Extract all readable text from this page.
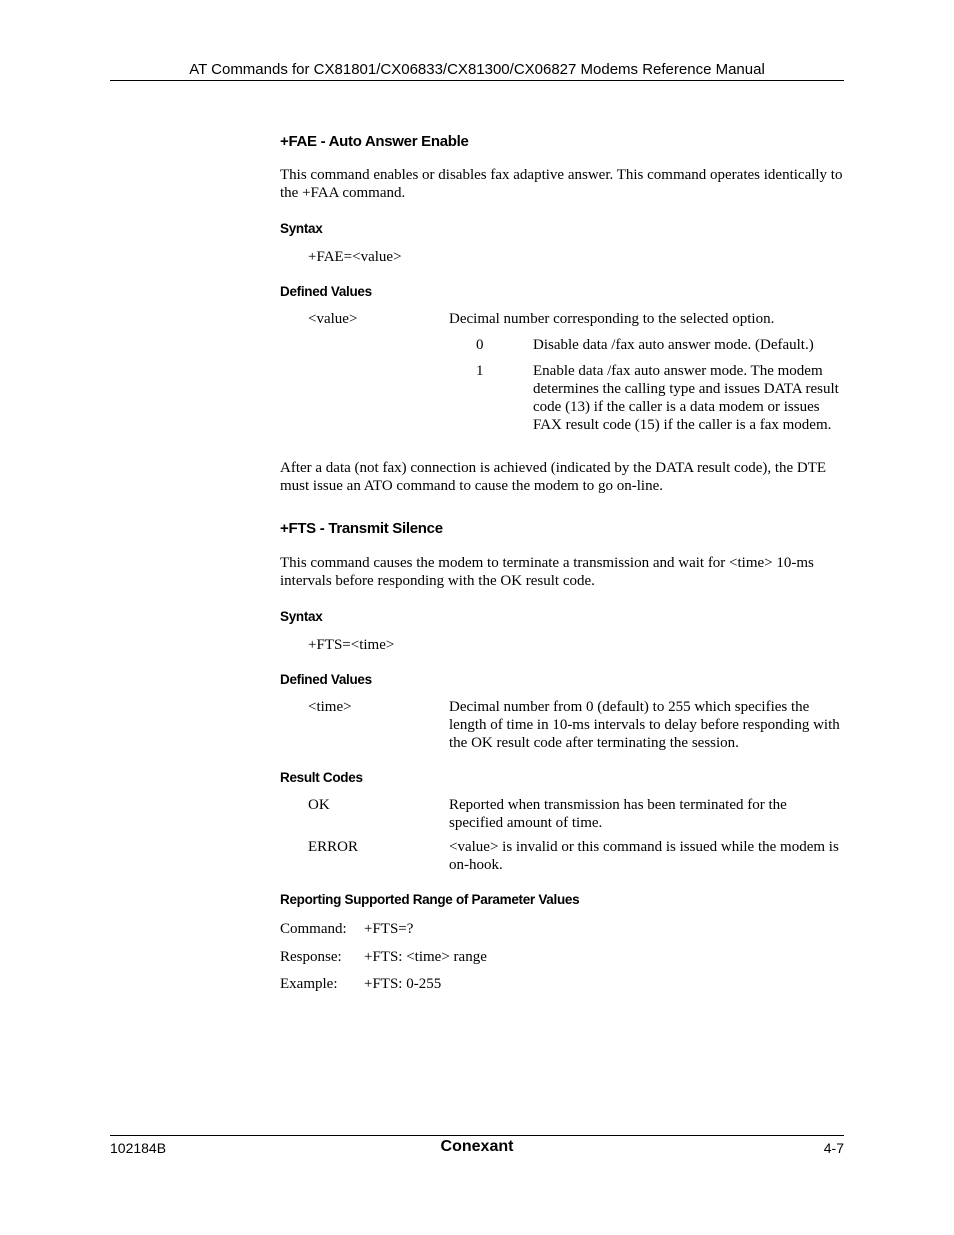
AT Commands for CX81801/CX06833/CX81300/CX06827 Modems Reference Manual
+FAE - Auto Answer Enable
This command enables or disables fax adaptive answer. This command operates identically to the +FAA command.
Syntax
+FAE=<value>
Defined Values
<value>	Decimal number corresponding to the selected option.
0	Disable data /fax auto answer mode. (Default.)
1	Enable data /fax auto answer mode. The modem determines the calling type and issues DATA result code (13) if the caller is a data modem or issues FAX result code (15) if the caller is a fax modem.
After a data (not fax) connection is achieved (indicated by the DATA result code), the DTE must issue an ATO command to cause the modem to go on-line.
+FTS - Transmit Silence
This command causes the modem to terminate a transmission and wait for <time> 10-ms intervals before responding with the OK result code.
Syntax
+FTS=<time>
Defined Values
<time>	Decimal number from 0 (default) to 255 which specifies the length of time in 10-ms intervals to delay before responding with the OK result code after terminating the session.
Result Codes
OK	Reported when transmission has been terminated for the specified amount of time.
ERROR	<value> is invalid or this command is issued while the modem is on-hook.
Reporting Supported Range of Parameter Values
Command: +FTS=?
Response: +FTS: <time> range
Example: +FTS: 0-255
102184B	Conexant	4-7
